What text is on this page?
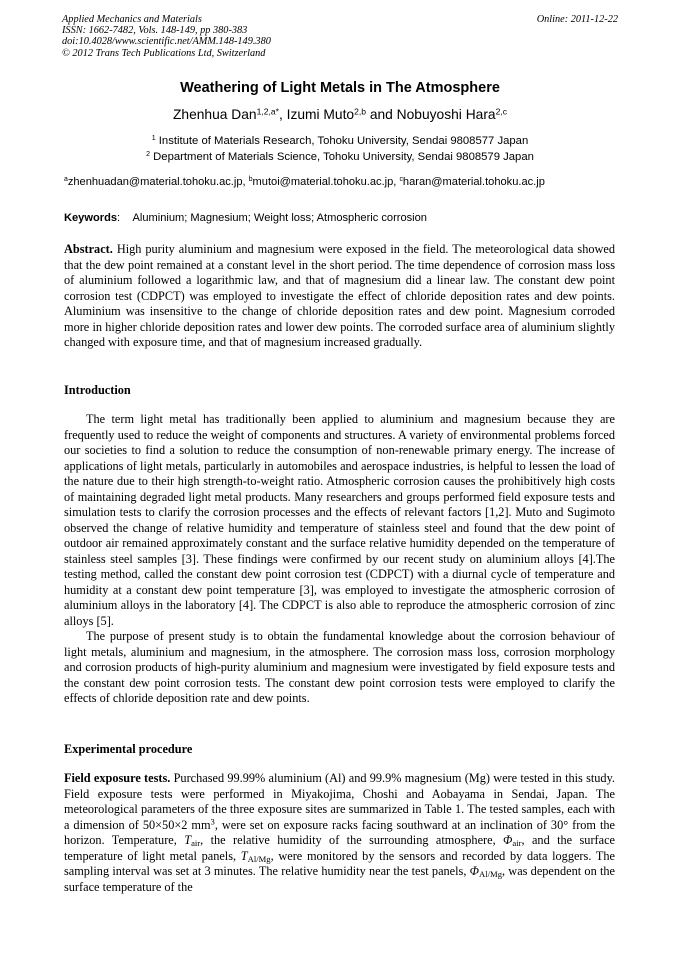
Applied Mechanics and Materials
ISSN: 1662-7482, Vols. 148-149, pp 380-383
doi:10.4028/www.scientific.net/AMM.148-149.380
© 2012 Trans Tech Publications Ltd, Switzerland
Online: 2011-12-22
Weathering of Light Metals in The Atmosphere
Zhenhua Dan$^{1,2,a*}$, Izumi Muto$^{2,b}$ and Nobuyoshi Hara$^{2,c}$
$^1$ Institute of Materials Research, Tohoku University, Sendai 9808577 Japan
$^2$ Department of Materials Science, Tohoku University, Sendai 9808579 Japan
$^a$zhenhuadan@material.tohoku.ac.jp, $^b$mutoi@material.tohoku.ac.jp, $^c$haran@material.tohoku.ac.jp
Keywords: Aluminium; Magnesium; Weight loss; Atmospheric corrosion

Abstract. High purity aluminium and magnesium were exposed in the field. The meteorological data showed that the dew point remained at a constant level in the short period. The time dependence of corrosion mass loss of aluminium followed a logarithmic law, and that of magnesium did a linear law. The constant dew point corrosion test (CDPCT) was employed to investigate the effect of chloride deposition rates and dew points. Aluminium was insensitive to the change of chloride deposition rates and dew point. Magnesium corroded more in higher chloride deposition rates and lower dew points. The corroded surface area of aluminium slightly changed with exposure time, and that of magnesium increased gradually.

Introduction

The term light metal has traditionally been applied to aluminium and magnesium because they are frequently used to reduce the weight of components and structures. A variety of environmental problems forced our societies to find a solution to reduce the consumption of non-renewable primary energy. The increase of applications of light metals, particularly in automobiles and aerospace industries, is helpful to lessen the load of the nature due to their high strength-to-weight ratio. Atmospheric corrosion causes the prohibitively high costs of maintaining degraded light metal products. Many researchers and groups performed field exposure tests and simulation tests to clarify the corrosion processes and the effects of relevant factors [1,2]. Muto and Sugimoto observed the change of relative humidity and temperature of stainless steel and found that the dew point of outdoor air remained approximately constant and the surface relative humidity depended on the temperature of stainless steel samples [3]. These findings were confirmed by our recent study on aluminium alloys [4].The testing method, called the constant dew point corrosion test (CDPCT) with a diurnal cycle of temperature and humidity at a constant dew point temperature [3], was employed to investigate the atmospheric corrosion of aluminium alloys in the laboratory [4]. The CDPCT is also able to reproduce the atmospheric corrosion of zinc alloys [5].

The purpose of present study is to obtain the fundamental knowledge about the corrosion behaviour of light metals, aluminium and magnesium, in the atmosphere. The corrosion mass loss, corrosion morphology and corrosion products of high-purity aluminium and magnesium were investigated by field exposure tests and the constant dew point corrosion tests. The constant dew point corrosion tests were employed to clarify the effects of chloride deposition rate and dew points.

Experimental procedure

Field exposure tests. Purchased 99.99% aluminium (Al) and 99.9% magnesium (Mg) were tested in this study. Field exposure tests were performed in Miyakojima, Choshi and Aobayama in Sendai, Japan. The meteorological parameters of the three exposure sites are summarized in Table 1. The tested samples, each with a dimension of 50×50×2 $mm^3$, were set on exposure racks facing southward at an inclination of 30° from the horizon. Temperature, $T_{air}$, the relative humidity of the surrounding atmosphere, $\Phi_{air}$, and the surface temperature of light metal panels, $T_{Al/Mg}$, were monitored by the sensors and recorded by data loggers. The sampling interval was set at 3 minutes. The relative humidity near the test panels, $\Phi_{Al/Mg}$, was dependent on the surface temperature of the
